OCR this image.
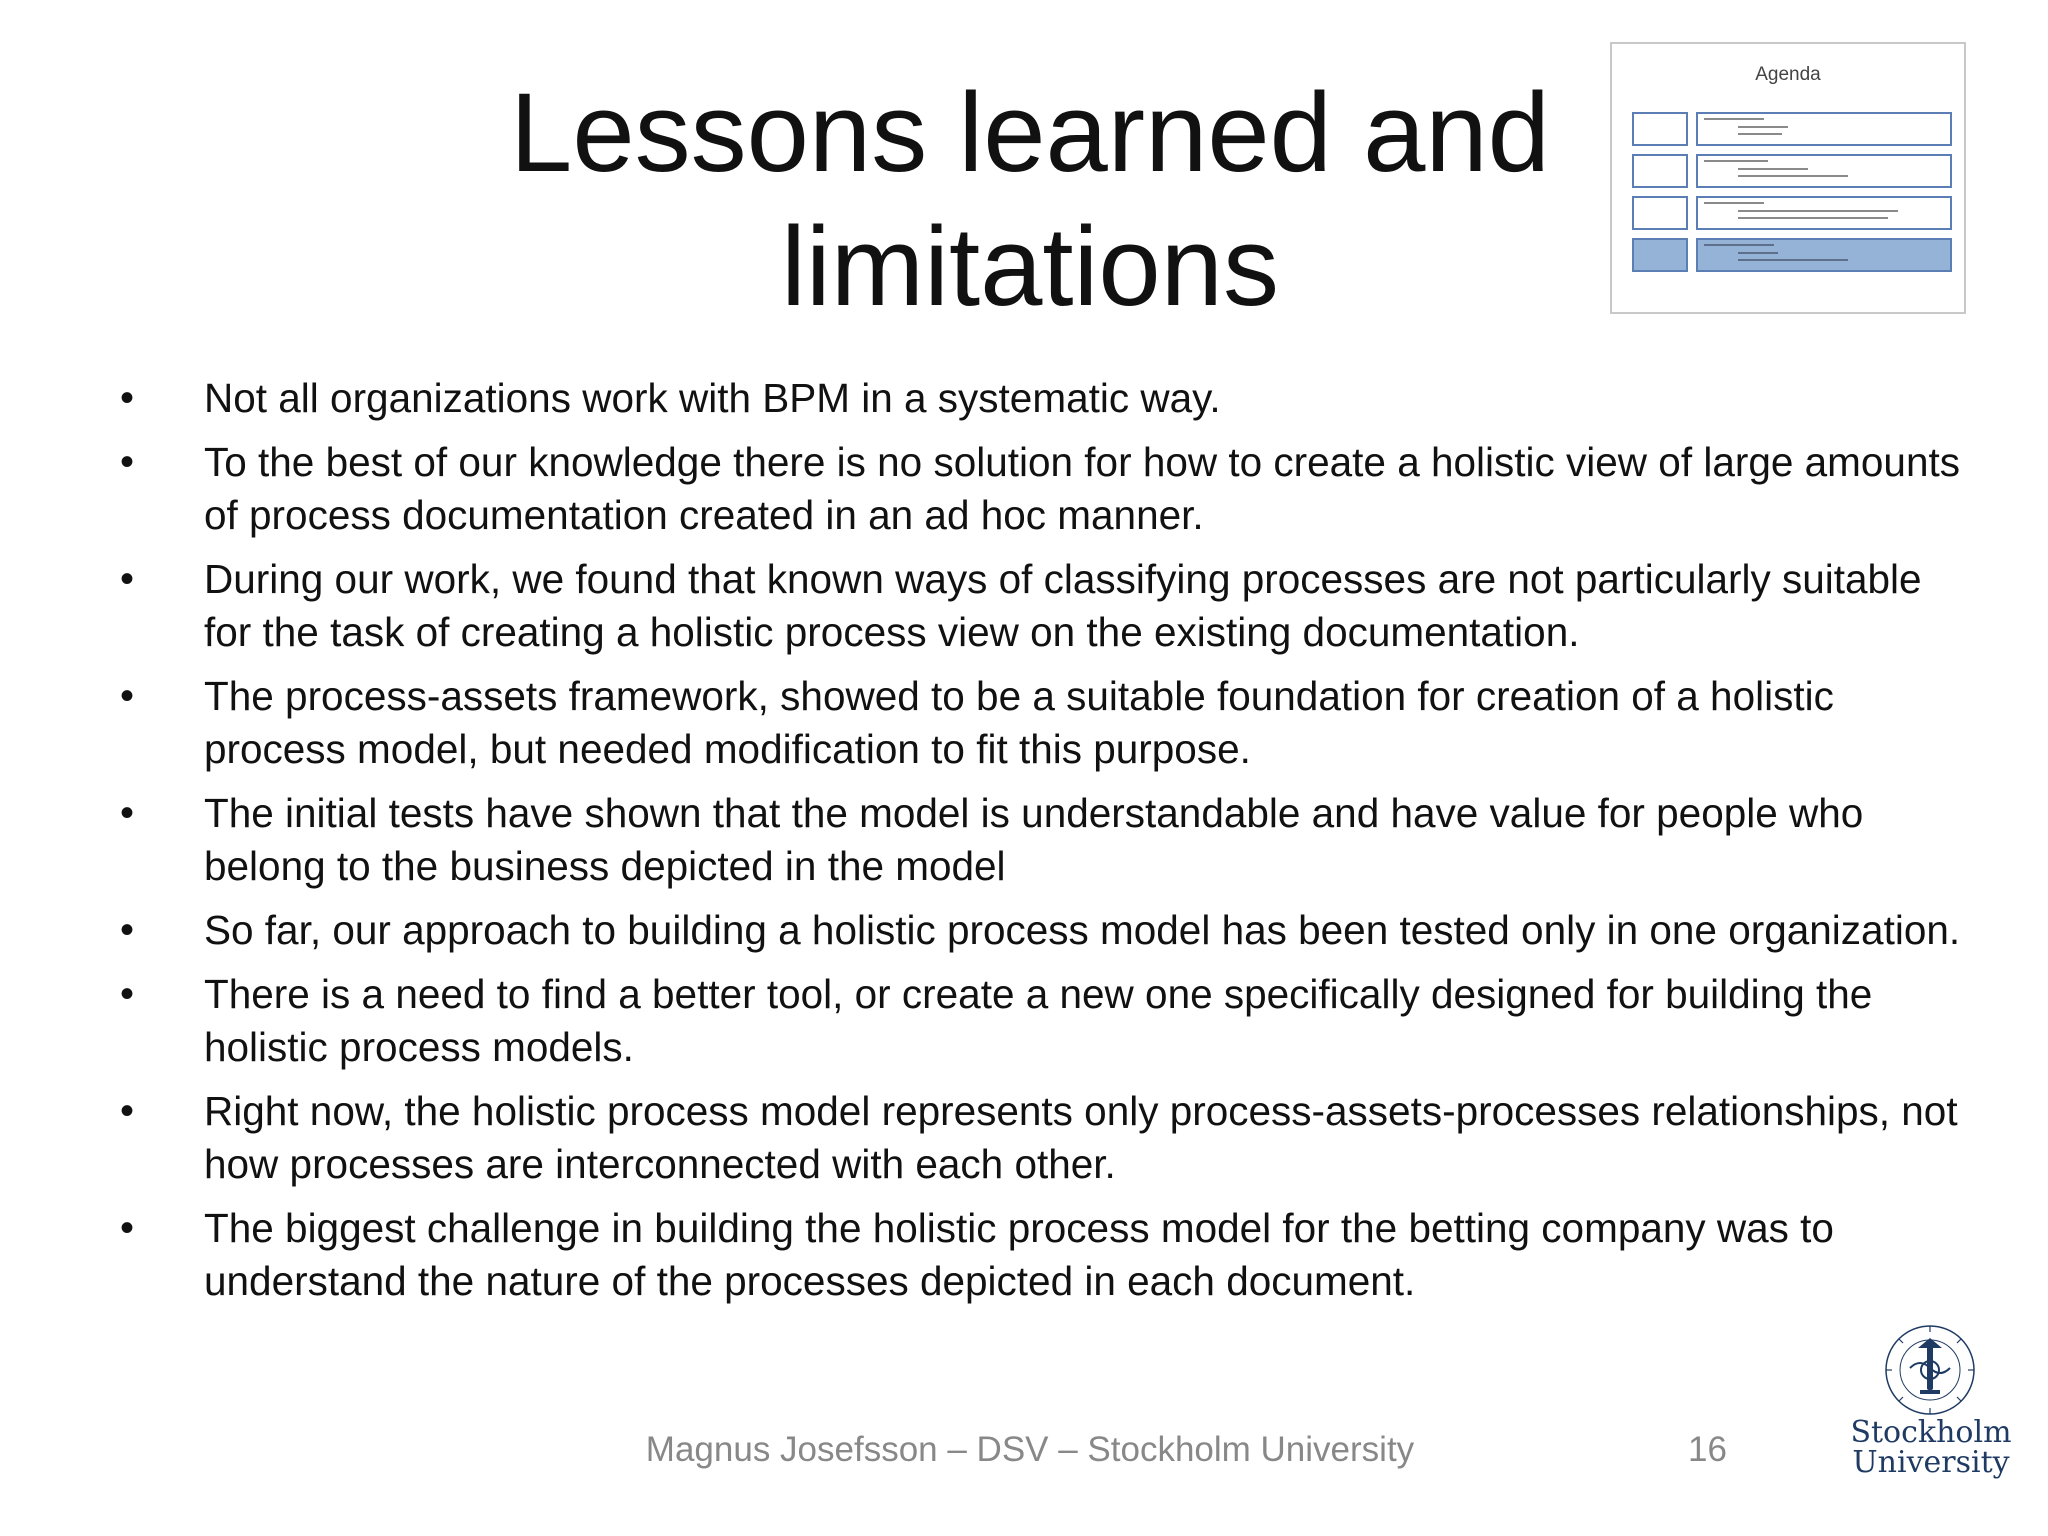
Lessons learned and
limitations
Agenda
• Not all organizations work with BPM in a systematic way.
• To the best of our knowledge there is no solution for how to create a holistic view of large amounts of process documentation created in an ad hoc manner.
• During our work, we found that known ways of classifying processes are not particularly suitable for the task of creating a holistic process view on the existing documentation.
• The process-assets framework, showed to be a suitable foundation for creation of a holistic process model, but needed modification to fit this purpose.
• The initial tests have shown that the model is understandable and have value for people who belong to the business depicted in the model
• So far, our approach to building a holistic process model has been tested only in one organization.
• There is a need to find a better tool, or create a new one specifically designed for building the holistic process models.
• Right now, the holistic process model represents only process-assets-processes relationships, not how processes are interconnected with each other.
• The biggest challenge in building the holistic process model for the betting company was to understand the nature of the processes depicted in each document.
Magnus Josefsson – DSV – Stockholm University	16	Stockholm
University
